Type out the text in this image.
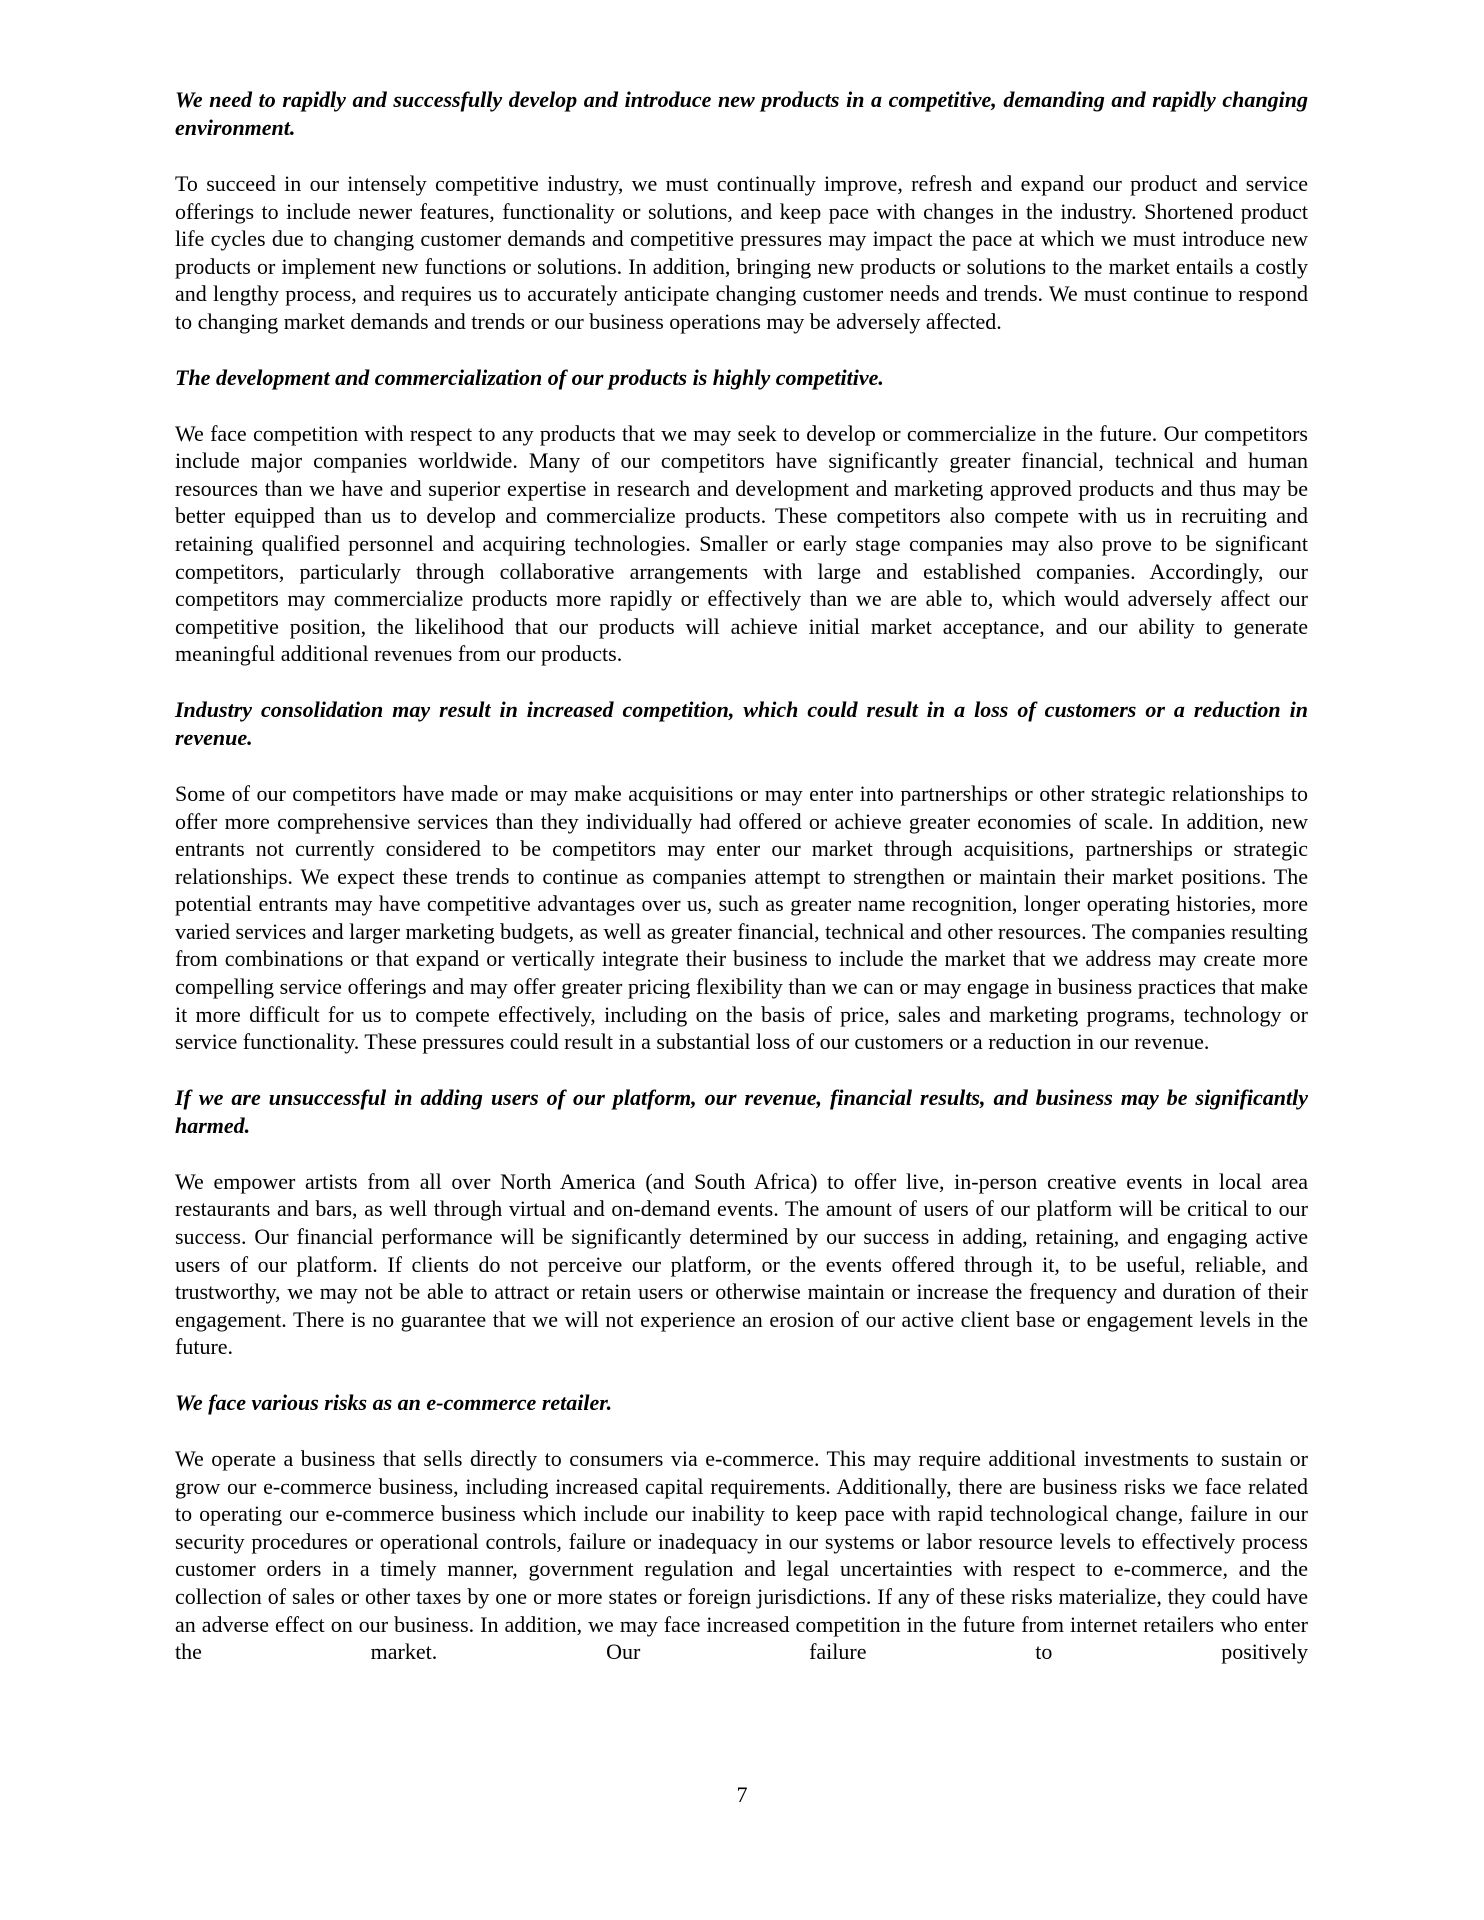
We need to rapidly and successfully develop and introduce new products in a competitive, demanding and rapidly changing environment.

To succeed in our intensely competitive industry, we must continually improve, refresh and expand our product and service offerings to include newer features, functionality or solutions, and keep pace with changes in the industry. Shortened product life cycles due to changing customer demands and competitive pressures may impact the pace at which we must introduce new products or implement new functions or solutions. In addition, bringing new products or solutions to the market entails a costly and lengthy process, and requires us to accurately anticipate changing customer needs and trends. We must continue to respond to changing market demands and trends or our business operations may be adversely affected.

The development and commercialization of our products is highly competitive.

We face competition with respect to any products that we may seek to develop or commercialize in the future. Our competitors include major companies worldwide. Many of our competitors have significantly greater financial, technical and human resources than we have and superior expertise in research and development and marketing approved products and thus may be better equipped than us to develop and commercialize products. These competitors also compete with us in recruiting and retaining qualified personnel and acquiring technologies. Smaller or early stage companies may also prove to be significant competitors, particularly through collaborative arrangements with large and established companies. Accordingly, our competitors may commercialize products more rapidly or effectively than we are able to, which would adversely affect our competitive position, the likelihood that our products will achieve initial market acceptance, and our ability to generate meaningful additional revenues from our products.

Industry consolidation may result in increased competition, which could result in a loss of customers or a reduction in revenue.

Some of our competitors have made or may make acquisitions or may enter into partnerships or other strategic relationships to offer more comprehensive services than they individually had offered or achieve greater economies of scale. In addition, new entrants not currently considered to be competitors may enter our market through acquisitions, partnerships or strategic relationships. We expect these trends to continue as companies attempt to strengthen or maintain their market positions. The potential entrants may have competitive advantages over us, such as greater name recognition, longer operating histories, more varied services and larger marketing budgets, as well as greater financial, technical and other resources. The companies resulting from combinations or that expand or vertically integrate their business to include the market that we address may create more compelling service offerings and may offer greater pricing flexibility than we can or may engage in business practices that make it more difficult for us to compete effectively, including on the basis of price, sales and marketing programs, technology or service functionality. These pressures could result in a substantial loss of our customers or a reduction in our revenue.

If we are unsuccessful in adding users of our platform, our revenue, financial results, and business may be significantly harmed.

We empower artists from all over North America (and South Africa) to offer live, in-person creative events in local area restaurants and bars, as well through virtual and on-demand events. The amount of users of our platform will be critical to our success. Our financial performance will be significantly determined by our success in adding, retaining, and engaging active users of our platform. If clients do not perceive our platform, or the events offered through it, to be useful, reliable, and trustworthy, we may not be able to attract or retain users or otherwise maintain or increase the frequency and duration of their engagement. There is no guarantee that we will not experience an erosion of our active client base or engagement levels in the future.

We face various risks as an e-commerce retailer.

We operate a business that sells directly to consumers via e-commerce. This may require additional investments to sustain or grow our e-commerce business, including increased capital requirements. Additionally, there are business risks we face related to operating our e-commerce business which include our inability to keep pace with rapid technological change, failure in our security procedures or operational controls, failure or inadequacy in our systems or labor resource levels to effectively process customer orders in a timely manner, government regulation and legal uncertainties with respect to e-commerce, and the collection of sales or other taxes by one or more states or foreign jurisdictions. If any of these risks materialize, they could have an adverse effect on our business. In addition, we may face increased competition in the future from internet retailers who enter the market. Our failure to positively

7
